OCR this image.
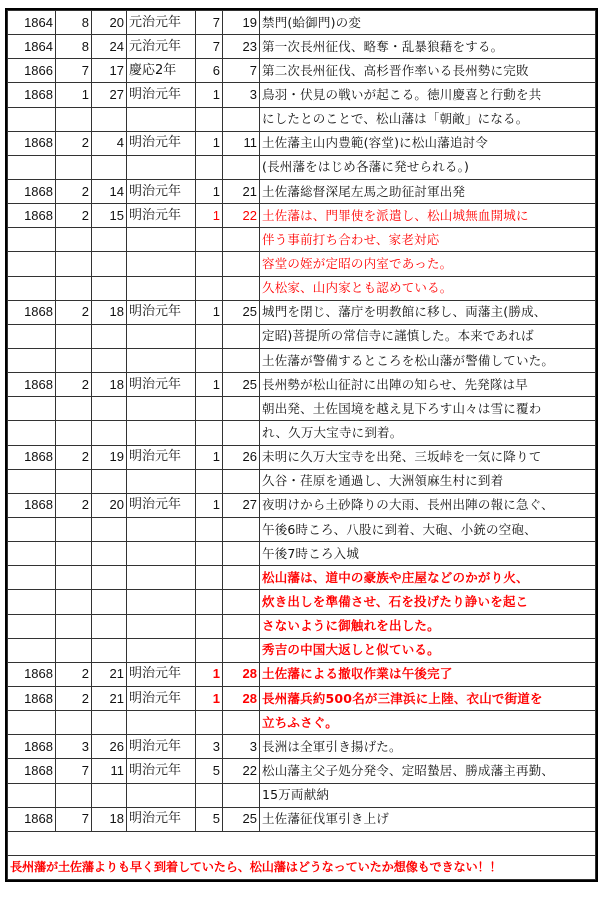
1864	8	20	元治元年	7	19	禁門(蛤御門)の変
1864	8	24	元治元年	7	23	第一次長州征伐、略奪・乱暴狼藉をする。
1866	7	17	慶応2年	6	7	第二次長州征伐、高杉晋作率いる長州勢に完敗
1868	1	27	明治元年	1	3	鳥羽・伏見の戦いが起こる。徳川慶喜と行動を共
						にしたとのことで、松山藩は「朝敵」になる。
1868	2	4	明治元年	1	11	土佐藩主山内豊範(容堂)に松山藩追討令
						(長州藩をはじめ各藩に発せられる。)
1868	2	14	明治元年	1	21	土佐藩総督深尾左馬之助征討軍出発
1868	2	15	明治元年	1	22	土佐藩は、門罪使を派遣し、松山城無血開城に
						伴う事前打ち合わせ、家老対応
						容堂の姪が定昭の内室であった。
						久松家、山内家とも認めている。
1868	2	18	明治元年	1	25	城門を閉じ、藩庁を明教館に移し、両藩主(勝成、
						定昭)菩提所の常信寺に謹慎した。本来であれば
						土佐藩が警備するところを松山藩が警備していた。
1868	2	18	明治元年	1	25	長州勢が松山征討に出陣の知らせ、先発隊は早
						朝出発、土佐国境を越え見下ろす山々は雪に覆わ
						れ、久万大宝寺に到着。
1868	2	19	明治元年	1	26	未明に久万大宝寺を出発、三坂峠を一気に降りて
						久谷・荏原を通過し、大洲領麻生村に到着
1868	2	20	明治元年	1	27	夜明けから土砂降りの大雨、長州出陣の報に急ぐ、
						午後6時ころ、八股に到着、大砲、小銃の空砲、
						午後7時ころ入城
						松山藩は、道中の豪族や庄屋などのかがり火、
						炊き出しを準備させ、石を投げたり諍いを起こ
						さないように御触れを出した。
						秀吉の中国大返しと似ている。
1868	2	21	明治元年	1	28	土佐藩による撤収作業は午後完了
1868	2	21	明治元年	1	28	長州藩兵約500名が三津浜に上陸、衣山で街道を
						立ちふさぐ。
1868	3	26	明治元年	3	3	長洲は全軍引き揚げた。
1868	7	11	明治元年	5	22	松山藩主父子処分発令、定昭蟄居、勝成藩主再勤、
						15万両献納
1868	7	18	明治元年	5	25	土佐藩征伐軍引き上げ

長州藩が土佐藩よりも早く到着していたら、松山藩はどうなっていたか想像もできない！！						
